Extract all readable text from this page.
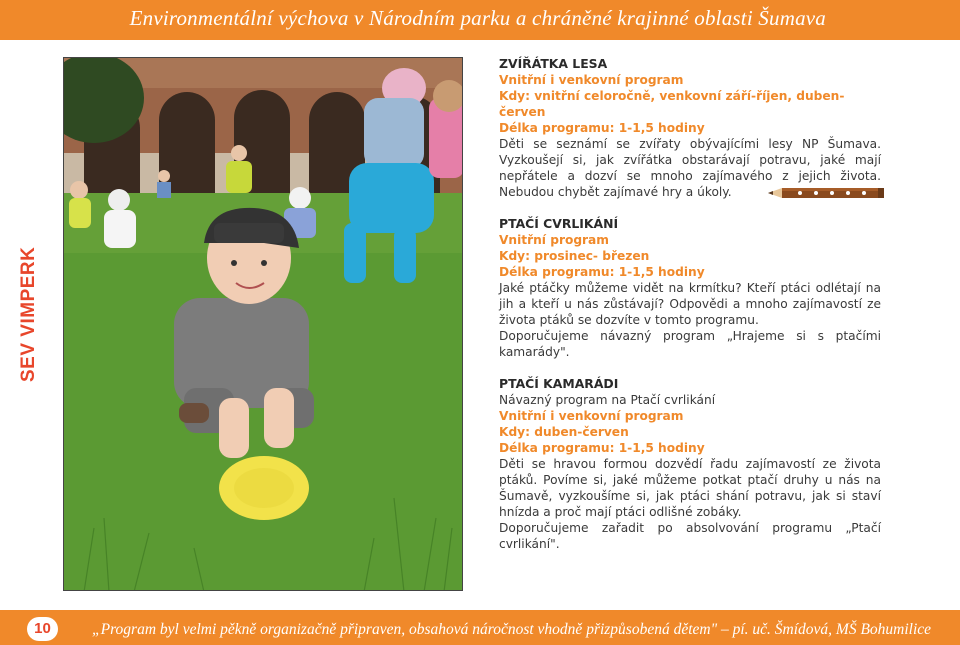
Environmentální výchova v Národním parku a chráněné krajinné oblasti Šumava
SEV VIMPERK
ZVÍŘÁTKA LESA
Vnitřní i venkovní program
Kdy: vnitřní celoročně, venkovní září-říjen, duben-červen
Délka programu: 1-1,5 hodiny
Děti se seznámí se zvířaty obývajícími lesy NP Šumava. Vyzkoušejí si, jak zvířátka obstarávají potravu, jaké mají nepřátele a dozví se mnoho zajímavého z jejich života. Nebudou chybět zajímavé hry a úkoly.
PTAČÍ CVRLIKÁNÍ
Vnitřní program
Kdy: prosinec- březen
Délka programu: 1-1,5 hodiny
Jaké ptáčky můžeme vidět na krmítku? Kteří ptáci odlétají na jih a kteří u nás zůstávají? Odpovědi a mnoho zajímavostí ze života ptáků se dozvíte v tomto programu.
Doporučujeme návazný program „Hrajeme si s ptačími kamarády".
PTAČÍ KAMARÁDI
Návazný program na Ptačí cvrlikání
Vnitřní i venkovní program
Kdy: duben-červen
Délka programu: 1-1,5 hodiny
Děti se hravou formou dozvědí řadu zajímavostí ze života ptáků. Povíme si, jaké můžeme potkat ptačí druhy u nás na Šumavě, vyzkoušíme si, jak ptáci shání potravu, jak si staví hnízda a proč mají ptáci odlišné zobáky.
Doporučujeme zařadit po absolvování programu „Ptačí cvrlikání".
10	„Program byl velmi pěkně organizačně připraven, obsahová náročnost vhodně přizpůsobená dětem" – pí. uč. Šmídová, MŠ Bohumilice
